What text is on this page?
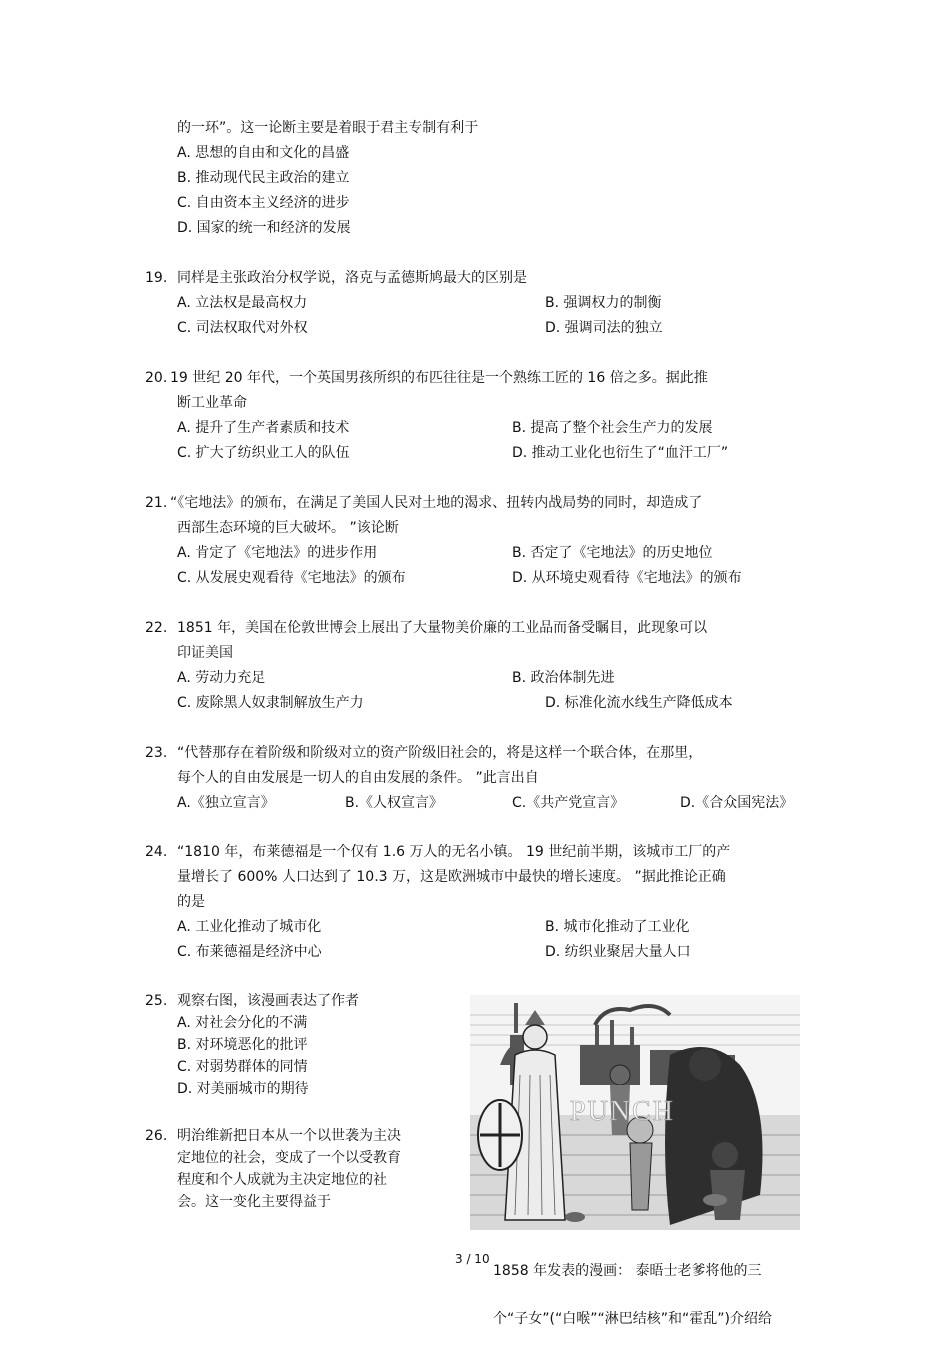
的一环”。这一论断主要是着眼于君主专制有利于
A. 思想的自由和文化的昌盛
B. 推动现代民主政治的建立
C. 自由资本主义经济的进步
D. 国家的统一和经济的发展
19. 同样是主张政治分权学说，洛克与孟德斯鸠最大的区别是
A. 立法权是最高权力	B. 强调权力的制衡
C. 司法权取代对外权	D. 强调司法的独立
20. 19 世纪 20 年代，一个英国男孩所织的布匹往往是一个熟练工匠的 16 倍之多。据此推
断工业革命
A. 提升了生产者素质和技术	B. 提高了整个社会生产力的发展
C. 扩大了纺织业工人的队伍	D. 推动工业化也衍生了“血汗工厂”
21. “《宅地法》的颁布，在满足了美国人民对土地的渴求、扭转内战局势的同时，却造成了
西部生态环境的巨大破坏。 ”该论断
A. 肯定了《宅地法》的进步作用	B. 否定了《宅地法》的历史地位
C. 从发展史观看待《宅地法》的颁布	D. 从环境史观看待《宅地法》的颁布
22. 1851 年，美国在伦敦世博会上展出了大量物美价廉的工业品而备受瞩目，此现象可以
印证美国
A. 劳动力充足	B. 政治体制先进
C. 废除黑人奴隶制解放生产力	D. 标准化流水线生产降低成本
23. “代替那存在着阶级和阶级对立的资产阶级旧社会的，将是这样一个联合体，在那里，
每个人的自由发展是一切人的自由发展的条件。 ”此言出自
A.《独立宣言》	B.《人权宣言》	C.《共产党宣言》	D.《合众国宪法》
24. “1810 年，布莱德福是一个仅有 1.6 万人的无名小镇。 19 世纪前半期，该城市工厂的产
量增长了 600% 人口达到了 10.3 万，这是欧洲城市中最快的增长速度。 ”据此推论正确
的是
A. 工业化推动了城市化	B. 城市化推动了工业化
C. 布莱德福是经济中心	D. 纺织业聚居大量人口
25. 观察右图，该漫画表达了作者
A. 对社会分化的不满
B. 对环境恶化的批评
C. 对弱势群体的同情
D. 对美丽城市的期待
26. 明治维新把日本从一个以世袭为主决
定地位的社会，变成了一个以受教育
程度和个人成就为主决定地位的社
会。这一变化主要得益于
PUNCH
3 / 10
1858 年发表的漫画： 泰晤士老爹将他的三
个“子女”(“白喉”“淋巴结核”和“霍乱”)介绍给
